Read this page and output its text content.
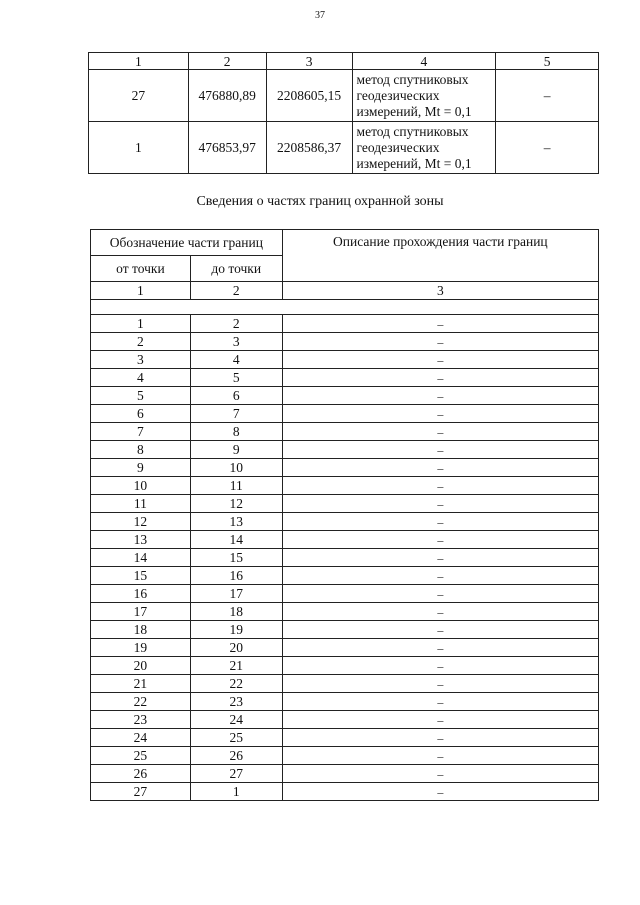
37
1	2	3	4	5
27	476880,89	2208605,15	метод спутниковых
геодезических
измерений, Mt = 0,1	–
1	476853,97	2208586,37	метод спутниковых
геодезических
измерений, Mt = 0,1	–
Сведения о частях границ охранной зоны
Обозначение части границ		Описание прохождения части границ
от точки	до точки	
1	2	3

1	2	–
2	3	–
3	4	–
4	5	–
5	6	–
6	7	–
7	8	–
8	9	–
9	10	–
10	11	–
11	12	–
12	13	–
13	14	–
14	15	–
15	16	–
16	17	–
17	18	–
18	19	–
19	20	–
20	21	–
21	22	–
22	23	–
23	24	–
24	25	–
25	26	–
26	27	–
27	1	–
